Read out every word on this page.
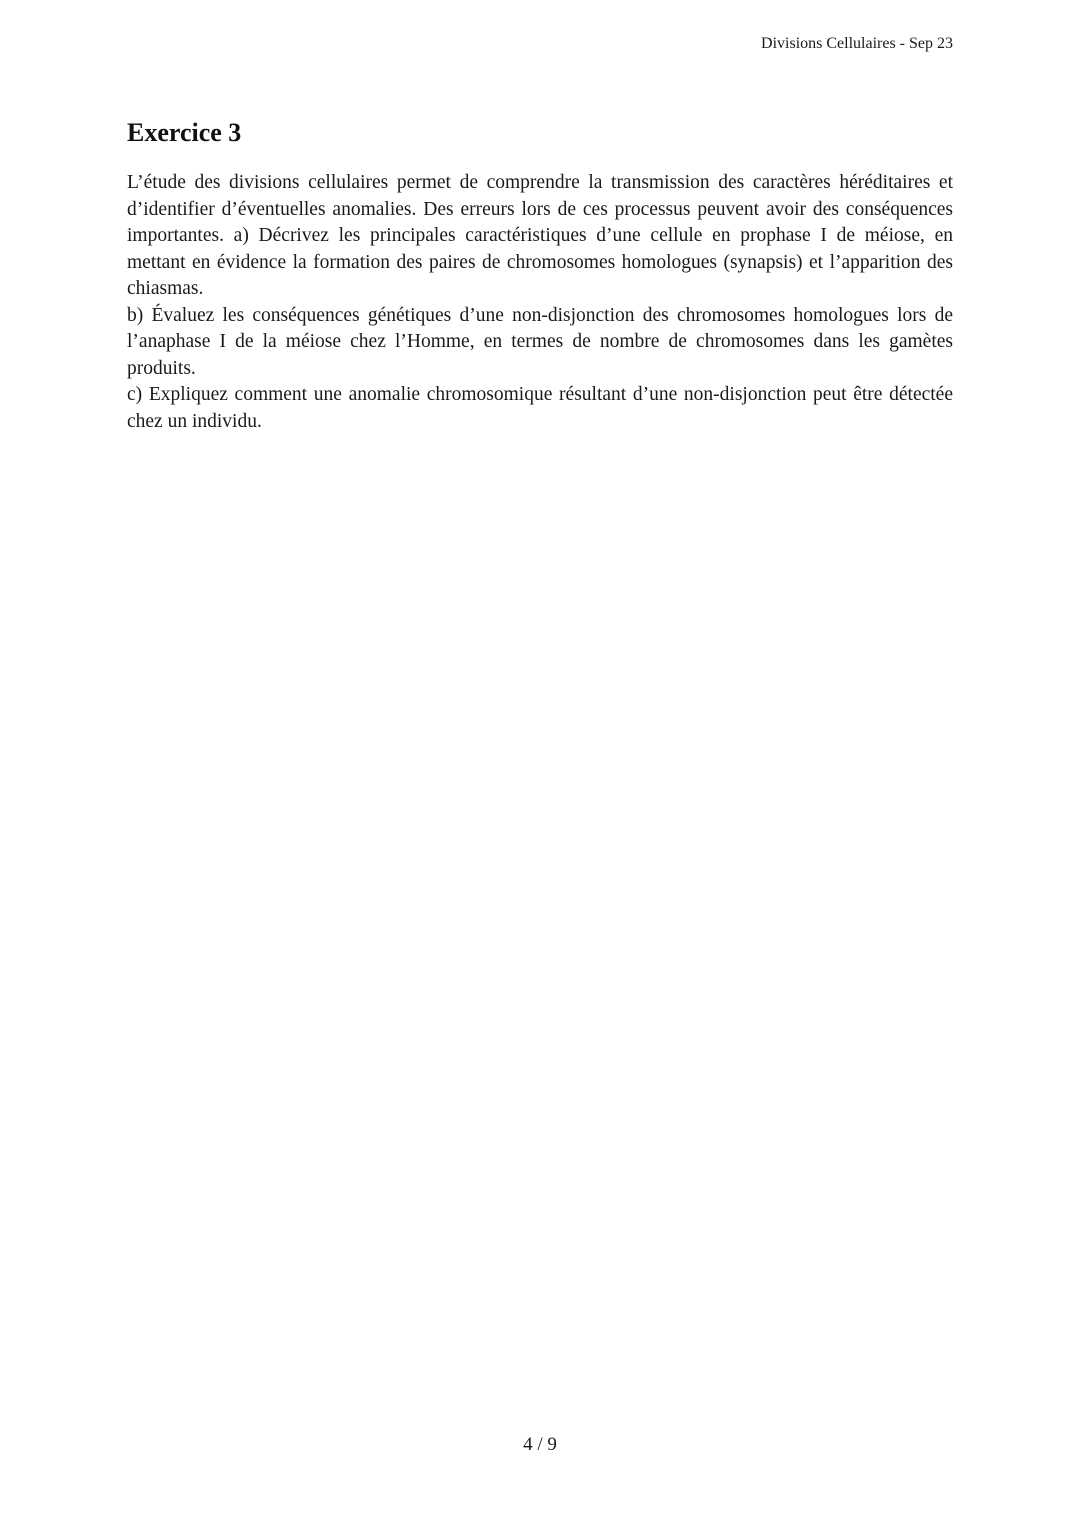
Divisions Cellulaires - Sep 23
Exercice 3

L’étude des divisions cellulaires permet de comprendre la transmission des caractères héréditaires et d’identifier d’éventuelles anomalies. Des erreurs lors de ces processus peuvent avoir des conséquences importantes. a) Décrivez les principales caractéristiques d’une cellule en prophase I de méiose, en mettant en évidence la formation des paires de chromosomes homologues (synapsis) et l’apparition des chiasmas.

b) Évaluez les conséquences génétiques d’une non-disjonction des chromosomes homologues lors de l’anaphase I de la méiose chez l’Homme, en termes de nombre de chromosomes dans les gamètes produits.

c) Expliquez comment une anomalie chromosomique résultant d’une non-disjonction peut être détectée chez un individu.

4 / 9
